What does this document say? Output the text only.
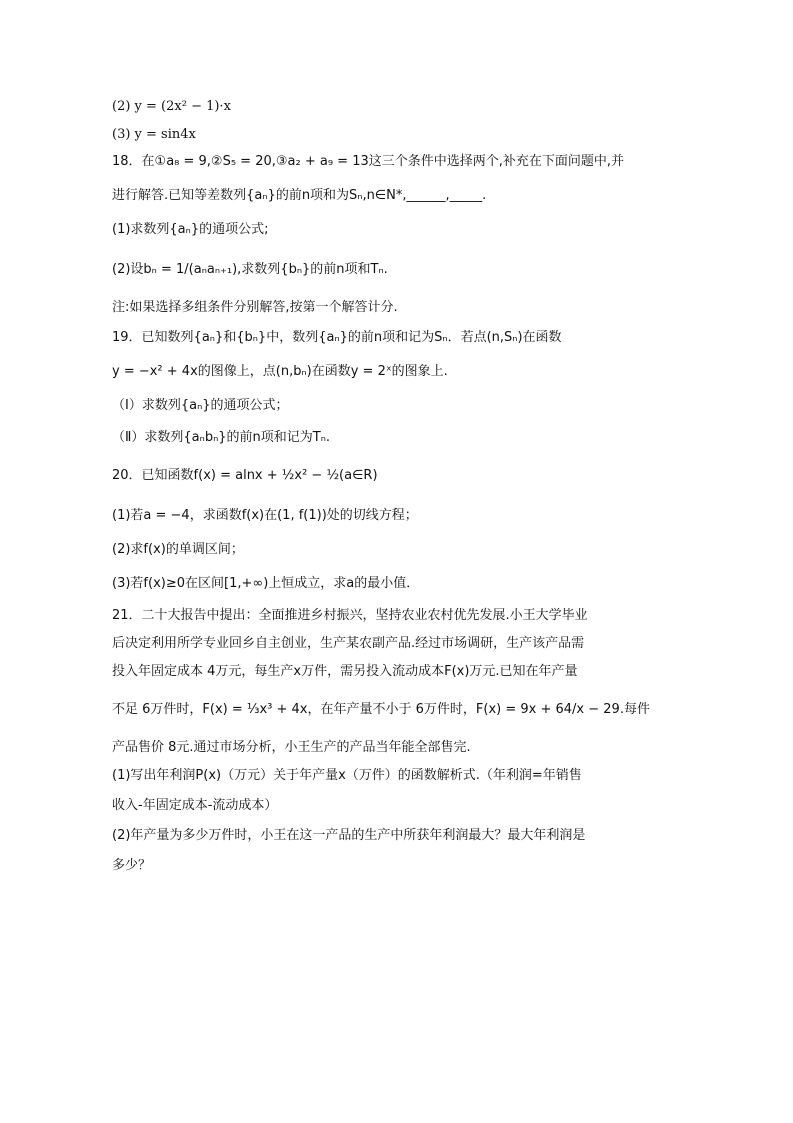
(2) y = (2x² − 1)·x
(3) y = sin4x
18．在①a₈ = 9,②S₅ = 20,③a₂ + a₉ = 13这三个条件中选择两个,补充在下面问题中,并
进行解答.已知等差数列{aₙ}的前n项和为Sₙ,n∈N*,______,_____.
(1)求数列{aₙ}的通项公式;
(2)设bₙ = 1/(aₙaₙ₊₁),求数列{bₙ}的前n项和Tₙ.
注:如果选择多组条件分别解答,按第一个解答计分.
19．已知数列{aₙ}和{bₙ}中，数列{aₙ}的前n项和记为Sₙ．若点(n,Sₙ)在函数
y = −x² + 4x的图像上，点(n,bₙ)在函数y = 2ˣ的图象上.
（Ⅰ）求数列{aₙ}的通项公式；
（Ⅱ）求数列{aₙbₙ}的前n项和记为Tₙ.
20．已知函数f(x) = alnx + ½x² − ½(a∈R)
(1)若a = −4，求函数f(x)在(1, f(1))处的切线方程；
(2)求f(x)的单调区间；
(3)若f(x)≥0在区间[1,+∞)上恒成立，求a的最小值．
21．二十大报告中提出：全面推进乡村振兴，坚持农业农村优先发展.小王大学毕业
后决定利用所学专业回乡自主创业，生产某农副产品.经过市场调研，生产该产品需
投入年固定成本 4万元，每生产x万件，需另投入流动成本F(x)万元.已知在年产量
不足 6万件时，F(x) = ⅓x³ + 4x，在年产量不小于 6万件时，F(x) = 9x + 64/x − 29.每件
产品售价 8元.通过市场分析，小王生产的产品当年能全部售完.
(1)写出年利润P(x)（万元）关于年产量x（万件）的函数解析式.（年利润=年销售
收入-年固定成本-流动成本）
(2)年产量为多少万件时，小王在这一产品的生产中所获年利润最大？最大年利润是
多少？
